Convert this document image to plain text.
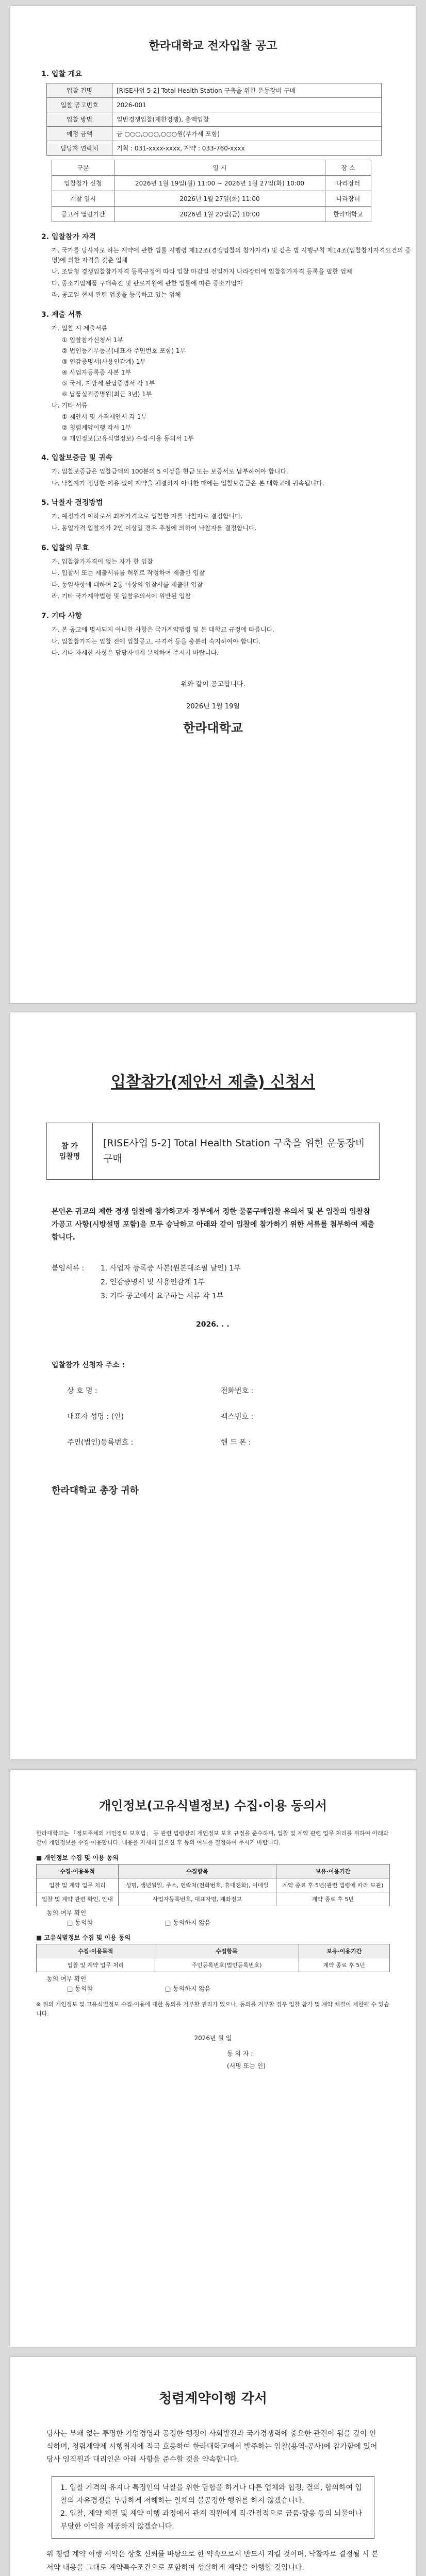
한라대학교 전자입찰 공고
1. 입찰 개요
입찰 건명	[RISE사업 5-2] Total Health Station 구축을 위한 운동장비 구매
입찰 공고번호	2026-001
입찰 방법	일반경쟁입찰(제한경쟁), 총액입찰
예정 금액	금 ○○○,○○○,○○○원(부가세 포함)
담당자 연락처	기획 : 031-xxxx-xxxx, 계약 : 033-760-xxxx
구분	일 시	장 소
입찰참가 신청	2026년 1월 19일(월) 11:00 ~ 2026년 1월 27일(화) 10:00	나라장터
개찰 일시	2026년 1월 27일(화) 11:00	나라장터
공고서 열람기간	2026년 1월 20일(금) 10:00	한라대학교
2. 입찰참가 자격
가. 국가를 당사자로 하는 계약에 관한 법률 시행령 제12조(경쟁입찰의 참가자격) 및 같은 법 시행규칙 제14조(입찰참가자격요건의 증명)에 의한 자격을 갖춘 업체
나. 조달청 경쟁입찰참가자격 등록규정에 따라 입찰 마감일 전일까지 나라장터에 입찰참가자격 등록을 필한 업체
다. 중소기업제품 구매촉진 및 판로지원에 관한 법률에 따른 중소기업자
라. 공고일 현재 관련 업종을 등록하고 있는 업체
3. 제출 서류
가. 입찰 시 제출서류
① 입찰참가신청서 1부
② 법인등기부등본(대표자 주민번호 포함) 1부
③ 인감증명서(사용인감계) 1부
④ 사업자등록증 사본 1부
⑤ 국세, 지방세 완납증명서 각 1부
⑥ 납품실적증명원(최근 3년) 1부
나. 기타 서류
① 제안서 및 가격제안서 각 1부
② 청렴계약이행 각서 1부
③ 개인정보(고유식별정보) 수집·이용 동의서 1부
4. 입찰보증금 및 귀속
가. 입찰보증금은 입찰금액의 100분의 5 이상을 현금 또는 보증서로 납부하여야 합니다.
나. 낙찰자가 정당한 이유 없이 계약을 체결하지 아니한 때에는 입찰보증금은 본 대학교에 귀속됩니다.
5. 낙찰자 결정방법
가. 예정가격 이하로서 최저가격으로 입찰한 자를 낙찰자로 결정합니다.
나. 동일가격 입찰자가 2인 이상일 경우 추첨에 의하여 낙찰자를 결정합니다.
6. 입찰의 무효
가. 입찰참가자격이 없는 자가 한 입찰
나. 입찰서 또는 제출서류를 허위로 작성하여 제출한 입찰
다. 동일사항에 대하여 2통 이상의 입찰서를 제출한 입찰
라. 기타 국가계약법령 및 입찰유의서에 위반된 입찰
7. 기타 사항
가. 본 공고에 명시되지 아니한 사항은 국가계약법령 및 본 대학교 규정에 따릅니다.
나. 입찰참가자는 입찰 전에 입찰공고, 규격서 등을 충분히 숙지하여야 합니다.
다. 기타 자세한 사항은 담당자에게 문의하여 주시기 바랍니다.
위와 같이 공고합니다.
2026년 1월 19일
한라대학교
입찰참가(제안서 제출) 신청서
참 가
입찰명
[RISE사업 5-2] Total Health Station 구축을 위한 운동장비 구매
본인은 귀교의 제한 경쟁 입찰에 참가하고자 정부에서 정한 물품구매입찰 유의서 및 본 입찰의 입찰참가공고 사항(시방설명 포함)을 모두 승낙하고 아래와 같이 입찰에 참가하기 위한 서류를 첨부하여 제출합니다.
붙임서류 :	1. 사업자 등록증 사본(원본대조필 날인) 1부
2. 인감증명서 및 사용인감계 1부
3. 기타 공고에서 요구하는 서류 각 1부
2026. . .
입찰참가 신청자 주소 :
상 호 명 :	전화번호 :
대표자 성명 : (인)	팩스번호 :
주민(법인)등록번호 :	핸 드 폰 :
한라대학교 총장 귀하
개인정보(고유식별정보) 수집·이용 동의서
한라대학교는 「정보주체의 개인정보 보호법」 등 관련 법령상의 개인정보 보호 규정을 준수하며, 입찰 및 계약 관련 업무 처리를 위하여 아래와 같이 개인정보를 수집·이용합니다. 내용을 자세히 읽으신 후 동의 여부를 결정하여 주시기 바랍니다.
■ 개인정보 수집 및 이용 동의
수집·이용목적	수집항목	보유·이용기간
입찰 및 계약 업무 처리	성명, 생년월일, 주소, 연락처(전화번호, 휴대전화), 이메일	계약 종료 후 5년(관련 법령에 따라 보관)
입찰 및 계약 관련 확인, 안내	사업자등록번호, 대표자명, 계좌정보	계약 종료 후 5년
동의 여부 확인
□ 동의함	□ 동의하지 않음
■ 고유식별정보 수집 및 이용 동의
수집·이용목적	수집항목	보유·이용기간
입찰 및 계약 업무 처리	주민등록번호(법인등록번호)	계약 종료 후 5년
동의 여부 확인
□ 동의함	□ 동의하지 않음
※ 위의 개인정보 및 고유식별정보 수집·이용에 대한 동의를 거부할 권리가 있으나, 동의를 거부할 경우 입찰 참가 및 계약 체결이 제한될 수 있습니다.
2026년 월 일
동 의 자 :
(서명 또는 인)
청렴계약이행 각서
당사는 부패 없는 투명한 기업경영과 공정한 행정이 사회발전과 국가경쟁력에 중요한 관건이 됨을 깊이 인식하며, 청렴계약제 시행취지에 적극 호응하여 한라대학교에서 발주하는 입찰(용역·공사)에 참가함에 있어 당사 임직원과 대리인은 아래 사항을 준수할 것을 약속합니다.
1. 입찰 가격의 유지나 특정인의 낙찰을 위한 담합을 하거나 다른 업체와 협정, 결의, 합의하여 입찰의 자유경쟁을 부당하게 저해하는 일체의 불공정한 행위를 하지 않겠습니다.
2. 입찰, 계약 체결 및 계약 이행 과정에서 관계 직원에게 직·간접적으로 금품·향응 등의 뇌물이나 부당한 이익을 제공하지 않겠습니다.
위 청렴 계약 이행 서약은 상호 신뢰를 바탕으로 한 약속으로서 반드시 지킬 것이며, 낙찰자로 결정될 시 본 서약 내용을 그대로 계약특수조건으로 포함하여 성실하게 계약을 이행할 것입니다.
